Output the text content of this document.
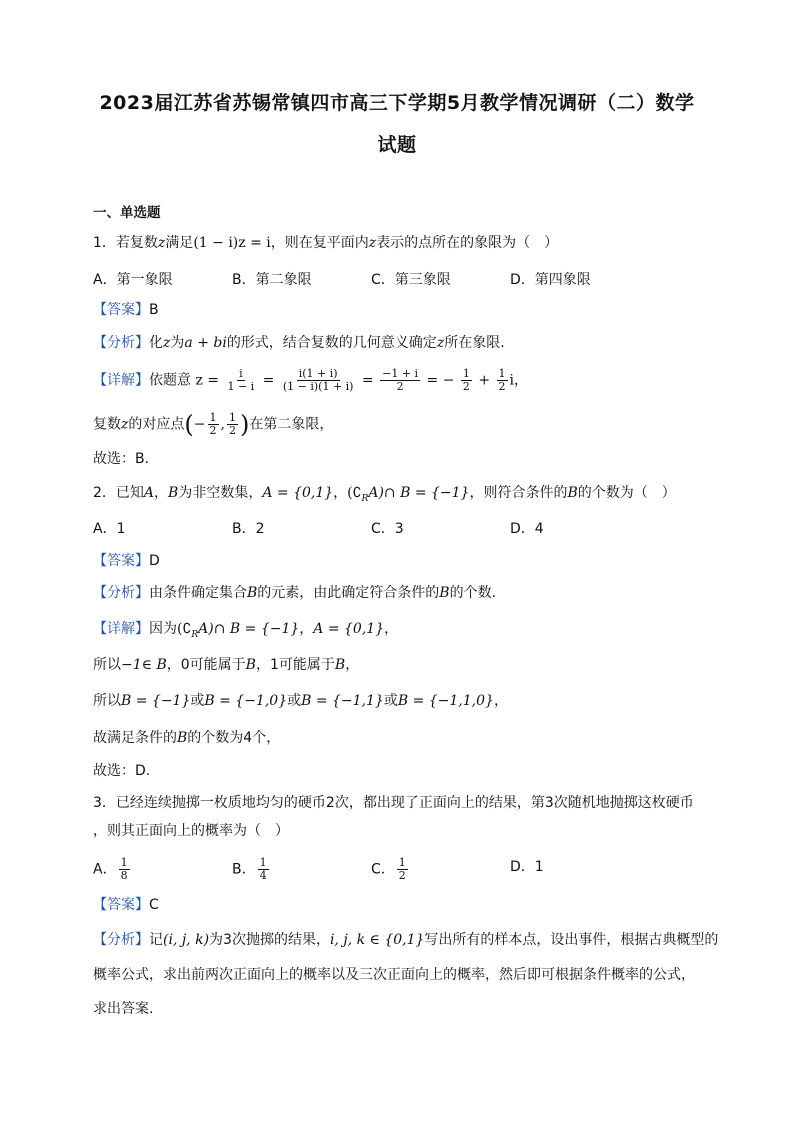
2023届江苏省苏锡常镇四市高三下学期5月教学情况调研（二）数学
试题
一、单选题
1．若复数z满足(1 − i)z = i，则在复平面内z表示的点所在的象限为（　）
A．第一象限	B．第二象限	C．第三象限	D．第四象限
【答案】B
【分析】化z为a + bi的形式，结合复数的几何意义确定z所在象限.
【详解】依题意 $z = \frac{i}{1 - i} = \frac{i(1 + i)}{(1 - i)(1 + i)} = \frac{-1 + i}{2}$ = − $\frac{1}{2} + \frac{1}{2}$ i，
复数z的对应点(− $\frac{1}{2}$ , $\frac{1}{2}$ )在第二象限，
故选：B.
2．已知A，B为非空数集，A = {0,1}，$(∁_RA)\cap$ B = {−1}，则符合条件的B的个数为（　）
A．1	B．2	C．3	D．4
【答案】D
【分析】由条件确定集合B的元素，由此确定符合条件的B的个数.
【详解】因为$(∁_RA)\cap$ B = {−1}，A = {0,1}，
所以−1∈ B，0可能属于B，1可能属于B，
所以B = {−1}或B = {−1,0}或B = {−1,1}或B = {−1,1,0}，
故满足条件的B的个数为4个，
故选：D.
3．已经连续抛掷一枚质地均匀的硬币2次，都出现了正面向上的结果，第3次随机地抛掷这枚硬币
，则其正面向上的概率为（　）
A． $\frac{1}{8}$	B． $\frac{1}{4}$	C． $\frac{1}{2}$	D．1
【答案】C
【分析】记(i, j, k)为3次抛掷的结果，i, j, k ∈ {0,1}写出所有的样本点，设出事件，根据古典概型的
概率公式，求出前两次正面向上的概率以及三次正面向上的概率，然后即可根据条件概率的公式，
求出答案.
